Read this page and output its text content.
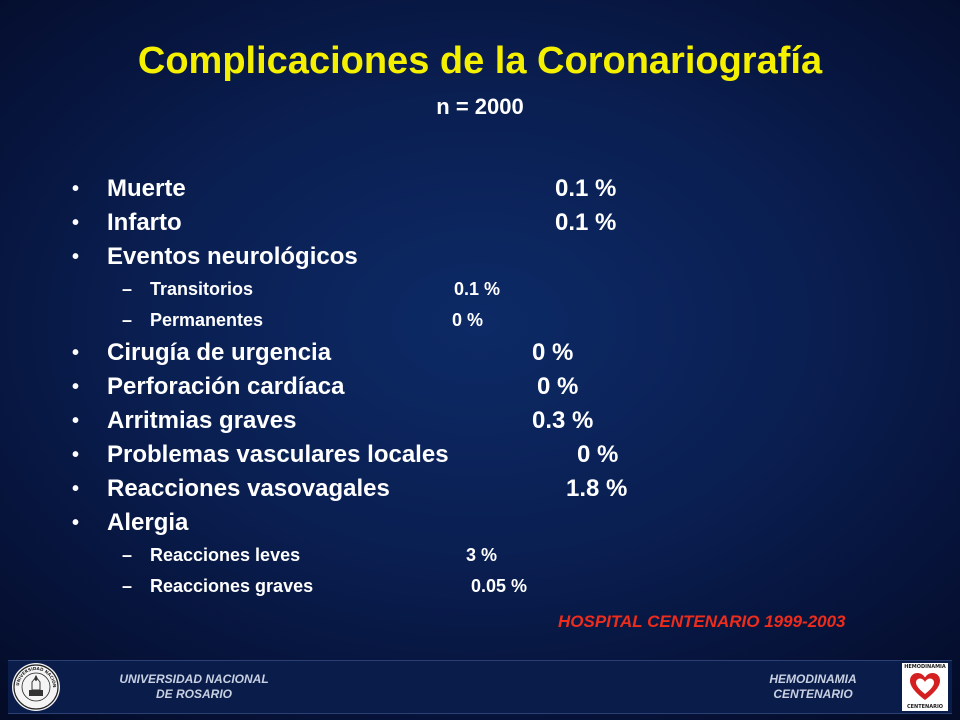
Complicaciones de la Coronariografía
n = 2000
• Muerte	0.1 %
• Infarto	0.1 %
• Eventos neurológicos
– Transitorios	0.1 %
– Permanentes	0 %
• Cirugía de urgencia	0 %
• Perforación cardíaca	0 %
• Arritmias graves	0.3 %
• Problemas vasculares locales	0 %
• Reacciones vasovagales	1.8 %
• Alergia
– Reacciones leves	3 %
– Reacciones graves	0.05 %
HOSPITAL CENTENARIO 1999-2003
UNIVERSIDAD NACION	UNIVERSIDAD NACIONAL
DE ROSARIO
HEMODINAMIA
CENTENARIO
HEMODINAMIA
CENTENARIO
